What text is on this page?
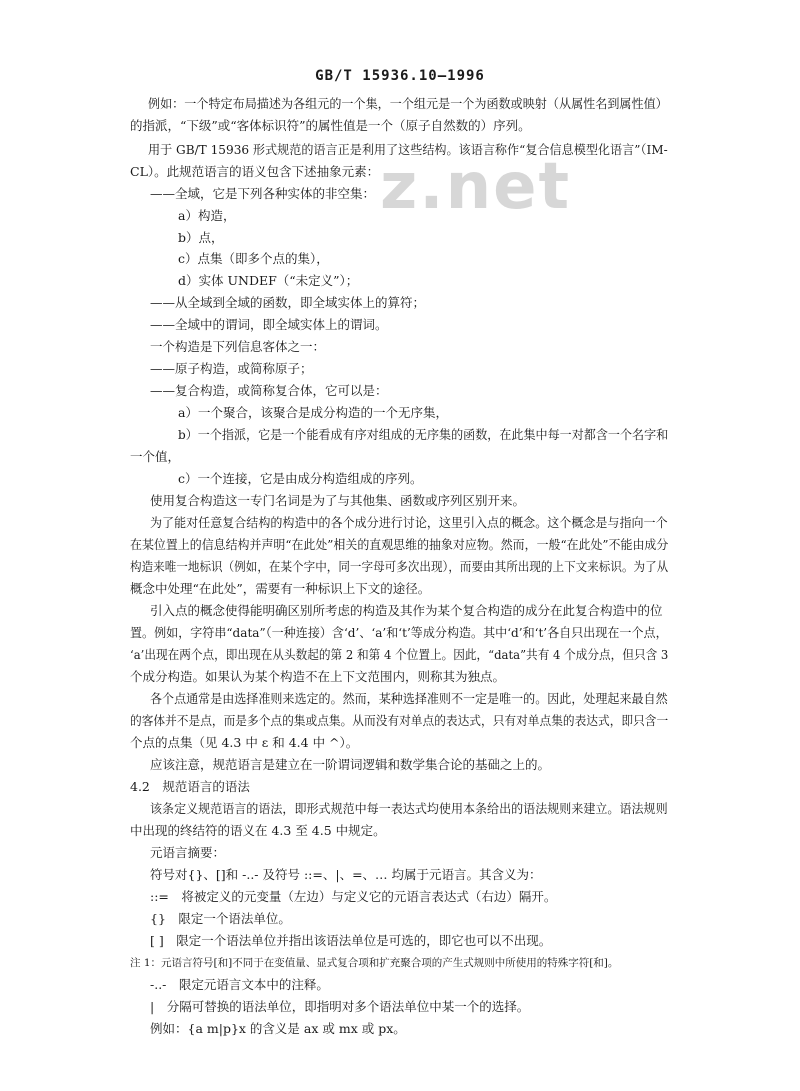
GB/T 15936.10—1996
z.net
例如：一个特定布局描述为各组元的一个集，一个组元是一个为函数或映射（从属性名到属性值）
的指派，“下级”或“客体标识符”的属性值是一个（原子自然数的）序列。
用于 GB/T 15936 形式规范的语言正是利用了这些结构。该语言称作“复合信息模型化语言”（IM-
CL）。此规范语言的语义包含下述抽象元素：
——全域，它是下列各种实体的非空集：
a）构造，
b）点，
c）点集（即多个点的集），
d）实体 UNDEF（“未定义”）；
——从全域到全域的函数，即全域实体上的算符；
——全域中的谓词，即全域实体上的谓词。
一个构造是下列信息客体之一：
——原子构造，或简称原子；
——复合构造，或简称复合体，它可以是：
a）一个聚合，该聚合是成分构造的一个无序集，
b）一个指派，它是一个能看成有序对组成的无序集的函数，在此集中每一对都含一个名字和
一个值，
c）一个连接，它是由成分构造组成的序列。
使用复合构造这一专门名词是为了与其他集、函数或序列区别开来。
为了能对任意复合结构的构造中的各个成分进行讨论，这里引入点的概念。这个概念是与指向一个
在某位置上的信息结构并声明“在此处”相关的直观思维的抽象对应物。然而，一般“在此处”不能由成分
构造来唯一地标识（例如，在某个字中，同一字母可多次出现），而要由其所出现的上下文来标识。为了从
概念中处理“在此处”，需要有一种标识上下文的途径。
引入点的概念使得能明确区别所考虑的构造及其作为某个复合构造的成分在此复合构造中的位
置。例如，字符串“data”（一种连接）含‘d’、‘a’和‘t’等成分构造。其中‘d’和‘t’各自只出现在一个点，
‘a’出现在两个点，即出现在从头数起的第 2 和第 4 个位置上。因此，“data”共有 4 个成分点，但只含 3
个成分构造。如果认为某个构造不在上下文范围内，则称其为独点。
各个点通常是由选择准则来选定的。然而，某种选择准则不一定是唯一的。因此，处理起来最自然
的客体并不是点，而是多个点的集或点集。从而没有对单点的表达式，只有对单点集的表达式，即只含一
个点的点集（见 4.3 中 ε 和 4.4 中 ^）。
应该注意，规范语言是建立在一阶谓词逻辑和数学集合论的基础之上的。
4.2　规范语言的语法
该条定义规范语言的语法，即形式规范中每一表达式均使用本条给出的语法规则来建立。语法规则
中出现的终结符的语义在 4.3 至 4.5 中规定。
元语言摘要：
符号对{}、[]和 -..- 及符号 ::=、|、=、… 均属于元语言。其含义为：
::=　将被定义的元变量（左边）与定义它的元语言表达式（右边）隔开。
{}　限定一个语法单位。
[ ]　限定一个语法单位并指出该语法单位是可选的，即它也可以不出现。
注 1：元语言符号[和]不同于在变值量、显式复合项和扩充聚合项的产生式规则中所使用的特殊字符[和]。
-..-　限定元语言文本中的注释。
|　分隔可替换的语法单位，即指明对多个语法单位中某一个的选择。
例如：{a m|p}x 的含义是 ax 或 mx 或 px。
